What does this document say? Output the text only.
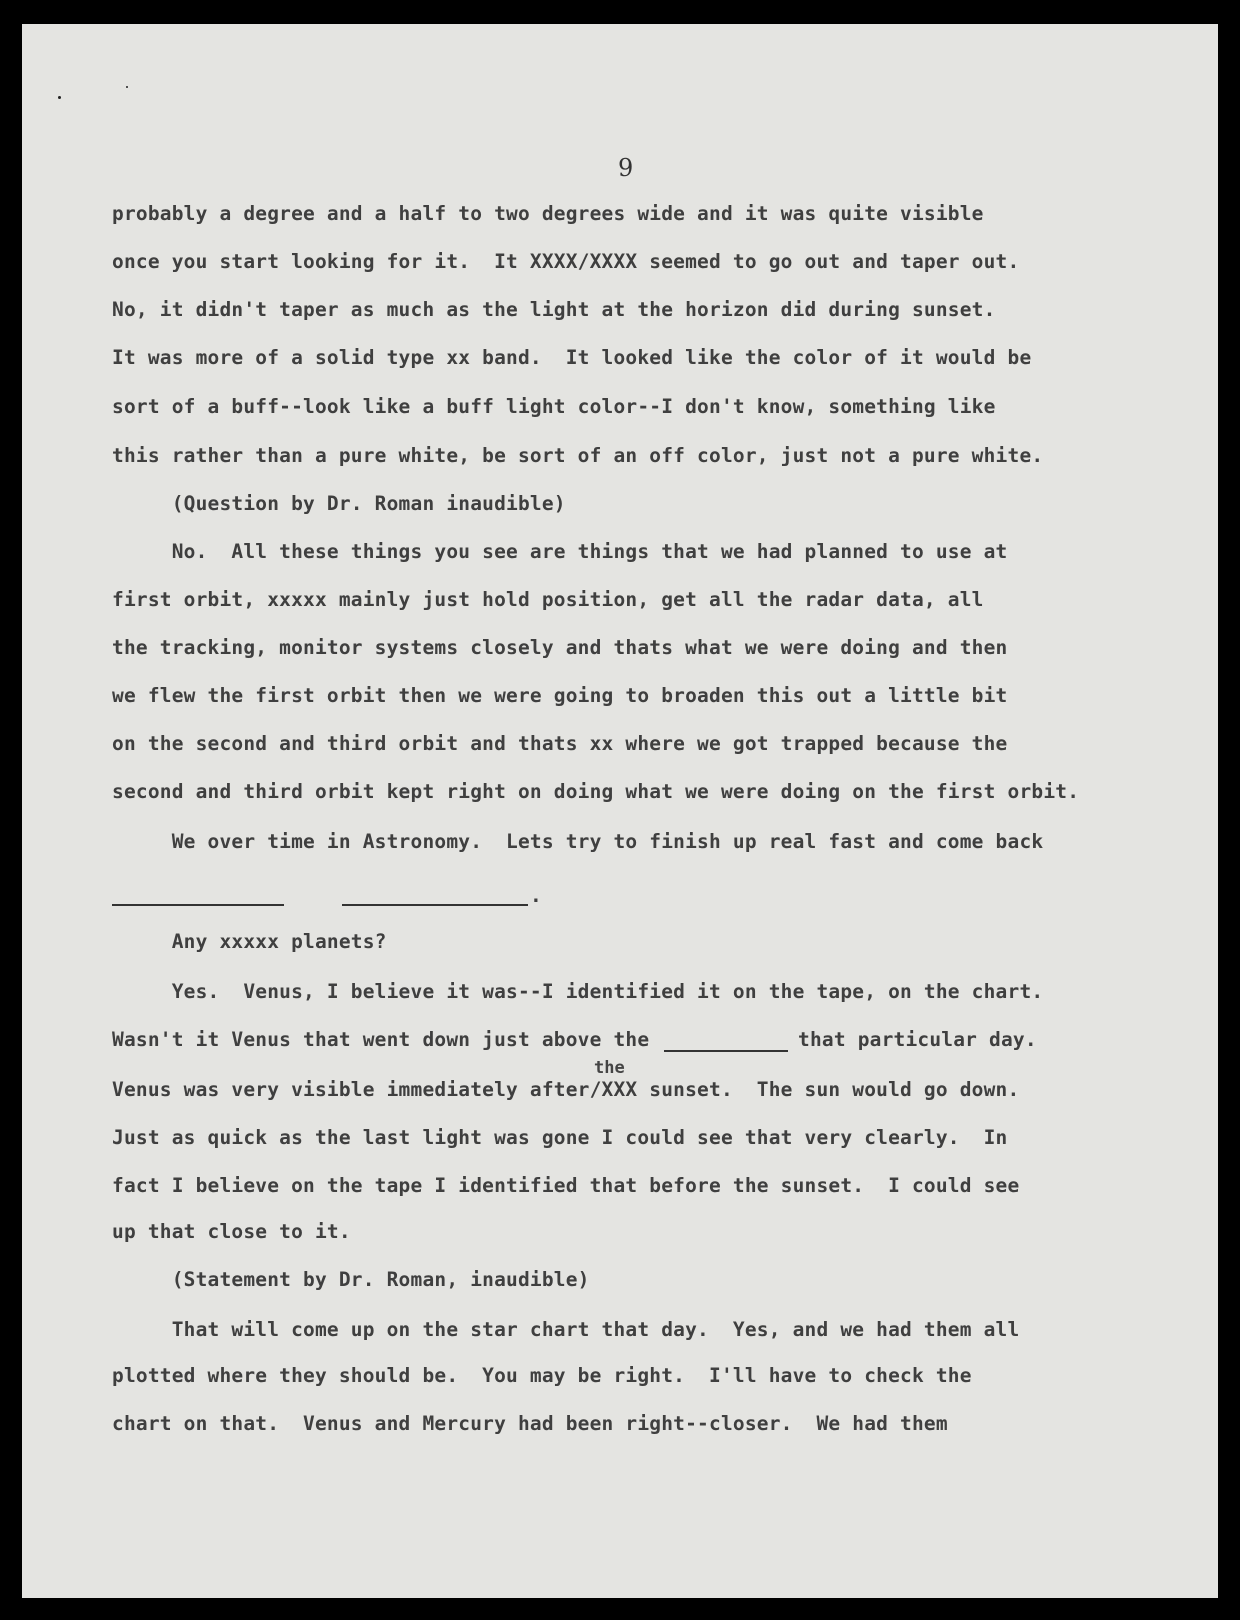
9
probably a degree and a half to two degrees wide and it was quite visible
once you start looking for it.  It XXXX/XXXX seemed to go out and taper out.
No, it didn't taper as much as the light at the horizon did during sunset.
It was more of a solid type xx band.  It looked like the color of it would be
sort of a buff--look like a buff light color--I don't know, something like
this rather than a pure white, be sort of an off color, just not a pure white.
(Question by Dr. Roman inaudible)
No.  All these things you see are things that we had planned to use at
first orbit, xxxxx mainly just hold position, get all the radar data, all
the tracking, monitor systems closely and thats what we were doing and then
we flew the first orbit then we were going to broaden this out a little bit
on the second and third orbit and thats xx where we got trapped because the
second and third orbit kept right on doing what we were doing on the first orbit.
We over time in Astronomy.  Lets try to finish up real fast and come back
.
Any xxxxx planets?
Yes.  Venus, I believe it was--I identified it on the tape, on the chart.
Wasn't it Venus that went down just above the	that particular day.
the
Venus was very visible immediately after/XXX sunset.  The sun would go down.
Just as quick as the last light was gone I could see that very clearly.  In
fact I believe on the tape I identified that before the sunset.  I could see
up that close to it.
(Statement by Dr. Roman, inaudible)
That will come up on the star chart that day.  Yes, and we had them all
plotted where they should be.  You may be right.  I'll have to check the
chart on that.  Venus and Mercury had been right--closer.  We had them
